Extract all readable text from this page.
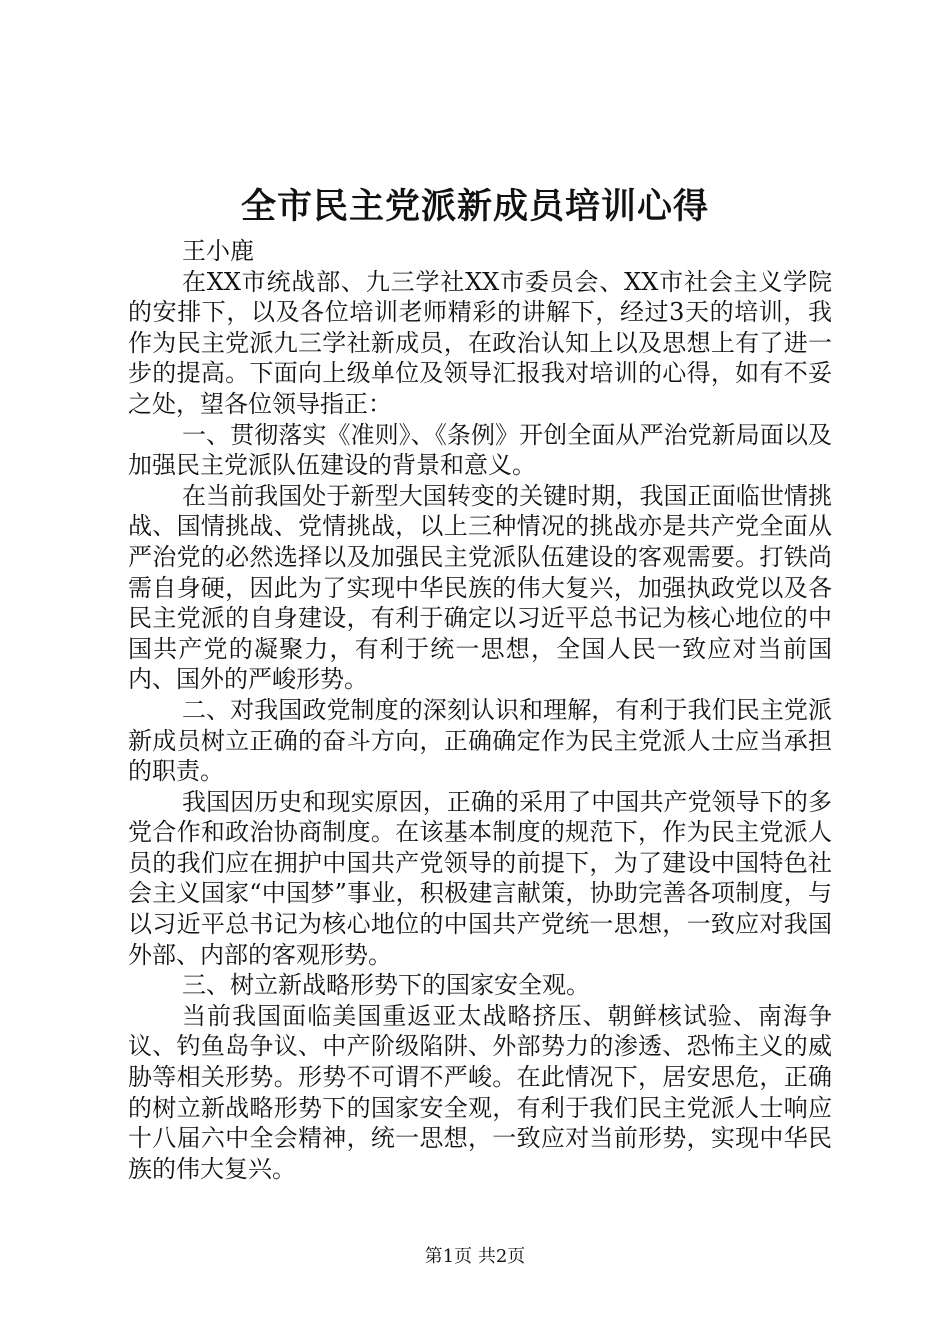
全市民主党派新成员培训心得

王小鹿

在XX市统战部、九三学社XX市委员会、XX市社会主义学院的安排下，以及各位培训老师精彩的讲解下，经过3天的培训，我作为民主党派九三学社新成员，在政治认知上以及思想上有了进一步的提高。下面向上级单位及领导汇报我对培训的心得，如有不妥之处，望各位领导指正：

一、贯彻落实《准则》、《条例》开创全面从严治党新局面以及加强民主党派队伍建设的背景和意义。

在当前我国处于新型大国转变的关键时期，我国正面临世情挑战、国情挑战、党情挑战，以上三种情况的挑战亦是共产党全面从严治党的必然选择以及加强民主党派队伍建设的客观需要。打铁尚需自身硬，因此为了实现中华民族的伟大复兴，加强执政党以及各民主党派的自身建设，有利于确定以习近平总书记为核心地位的中国共产党的凝聚力，有利于统一思想，全国人民一致应对当前国内、国外的严峻形势。

二、对我国政党制度的深刻认识和理解，有利于我们民主党派新成员树立正确的奋斗方向，正确确定作为民主党派人士应当承担的职责。

我国因历史和现实原因，正确的采用了中国共产党领导下的多党合作和政治协商制度。在该基本制度的规范下，作为民主党派人员的我们应在拥护中国共产党领导的前提下，为了建设中国特色社会主义国家“中国梦”事业，积极建言献策，协助完善各项制度，与以习近平总书记为核心地位的中国共产党统一思想，一致应对我国外部、内部的客观形势。

三、树立新战略形势下的国家安全观。

当前我国面临美国重返亚太战略挤压、朝鲜核试验、南海争议、钓鱼岛争议、中产阶级陷阱、外部势力的渗透、恐怖主义的威胁等相关形势。形势不可谓不严峻。在此情况下，居安思危，正确的树立新战略形势下的国家安全观，有利于我们民主党派人士响应十八届六中全会精神，统一思想，一致应对当前形势，实现中华民族的伟大复兴。

第1页 共2页
